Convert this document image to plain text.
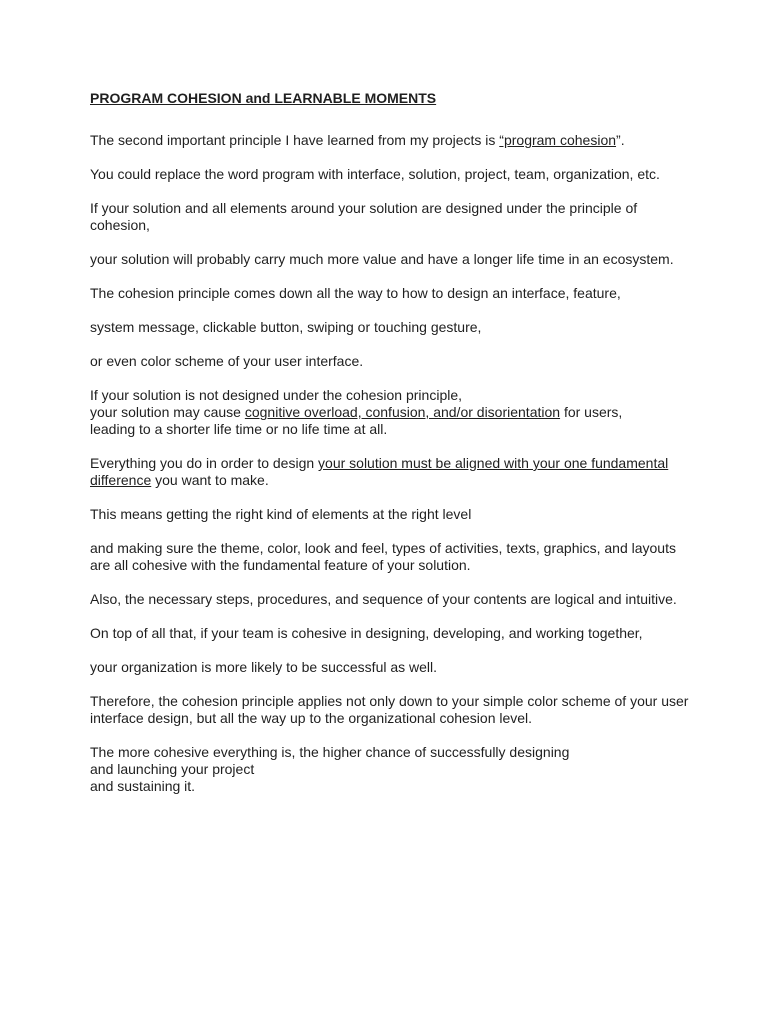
PROGRAM COHESION and LEARNABLE MOMENTS

The second important principle I have learned from my projects is “program cohesion”.

You could replace the word program with interface, solution, project, team, organization, etc.

If your solution and all elements around your solution are designed under the principle of cohesion,

your solution will probably carry much more value and have a longer life time in an ecosystem.

The cohesion principle comes down all the way to how to design an interface, feature,

system message, clickable button, swiping or touching gesture,

or even color scheme of your user interface.

If your solution is not designed under the cohesion principle,
your solution may cause cognitive overload, confusion, and/or disorientation for users,
leading to a shorter life time or no life time at all.

Everything you do in order to design your solution must be aligned with your one fundamental difference you want to make.

This means getting the right kind of elements at the right level

and making sure the theme, color, look and feel, types of activities, texts, graphics, and layouts are all cohesive with the fundamental feature of your solution.

Also, the necessary steps, procedures, and sequence of your contents are logical and intuitive.

On top of all that, if your team is cohesive in designing, developing, and working together,

your organization is more likely to be successful as well.

Therefore, the cohesion principle applies not only down to your simple color scheme of your user interface design, but all the way up to the organizational cohesion level.

The more cohesive everything is, the higher chance of successfully designing
and launching your project
and sustaining it.
